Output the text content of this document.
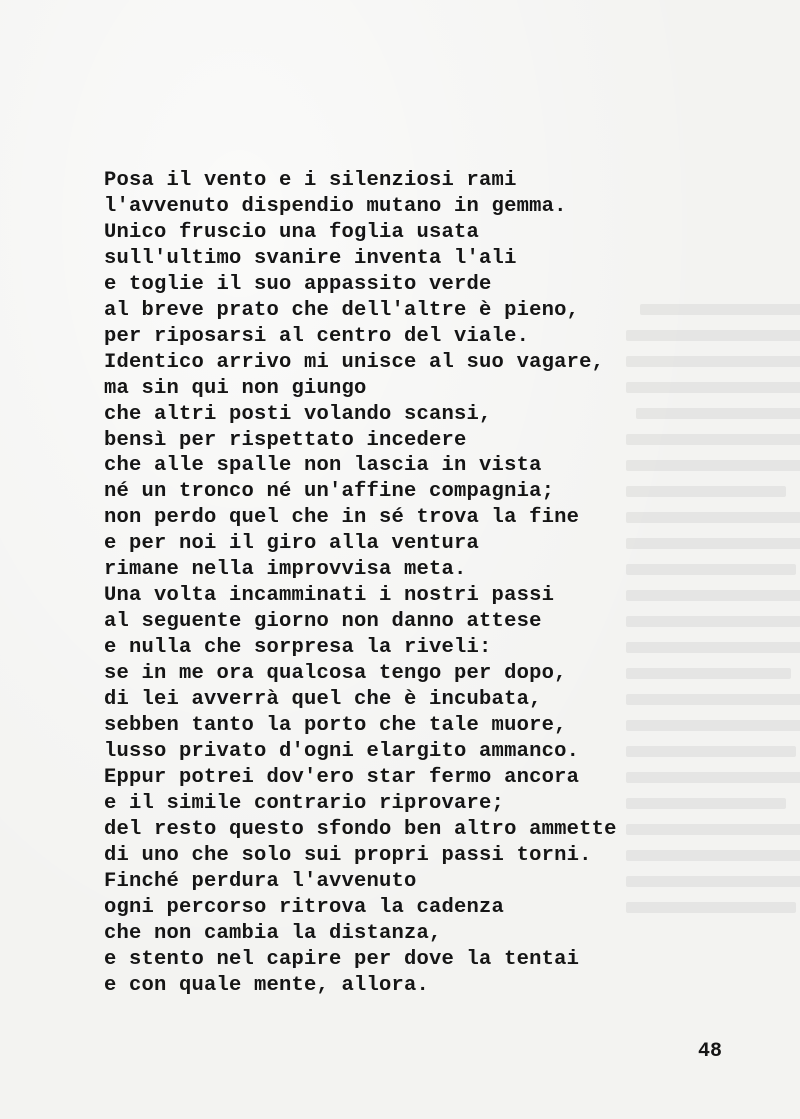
Posa il vento e i silenziosi rami
l'avvenuto dispendio mutano in gemma.
Unico fruscio una foglia usata
sull'ultimo svanire inventa l'ali
e toglie il suo appassito verde
al breve prato che dell'altre è pieno,
per riposarsi al centro del viale.
Identico arrivo mi unisce al suo vagare,
ma sin qui non giungo
che altri posti volando scansi,
bensì per rispettato incedere
che alle spalle non lascia in vista
né un tronco né un'affine compagnia;
non perdo quel che in sé trova la fine
e per noi il giro alla ventura
rimane nella improvvisa meta.
Una volta incamminati i nostri passi
al seguente giorno non danno attese
e nulla che sorpresa la riveli:
se in me ora qualcosa tengo per dopo,
di lei avverrà quel che è incubata,
sebben tanto la porto che tale muore,
lusso privato d'ogni elargito ammanco.
Eppur potrei dov'ero star fermo ancora
e il simile contrario riprovare;
del resto questo sfondo ben altro ammette
di uno che solo sui propri passi torni.
Finché perdura l'avvenuto
ogni percorso ritrova la cadenza
che non cambia la distanza,
e stento nel capire per dove la tentai
e con quale mente, allora.
48
